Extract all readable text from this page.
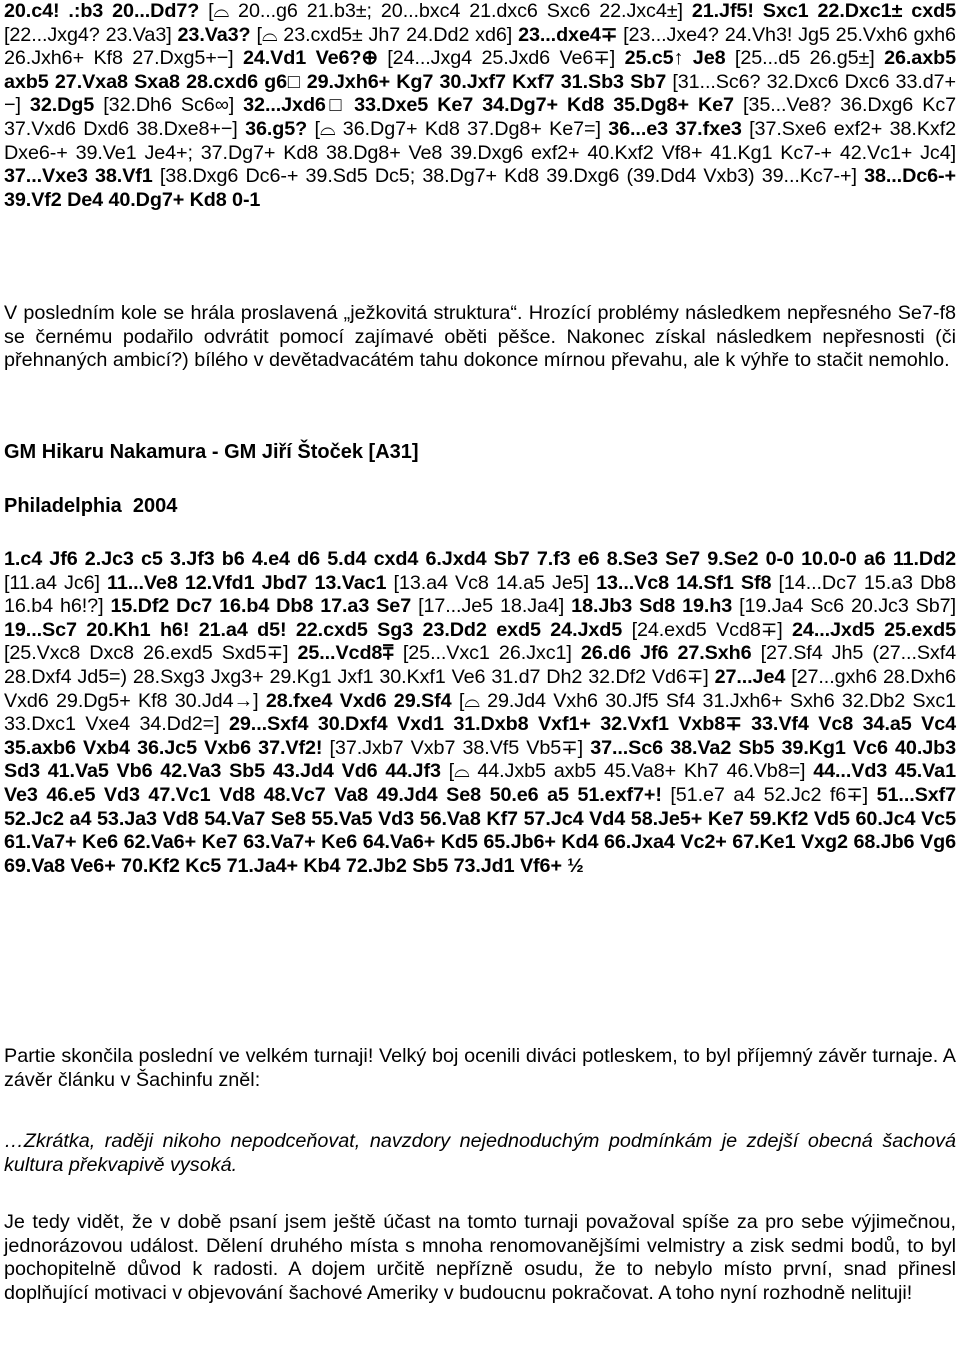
20.c4! .:b3 20...Dd7? [⌓ 20...g6 21.b3±; 20...bxc4 21.dxc6 Sxc6 22.Jxc4±] 21.Jf5! Sxc1 22.Dxc1± cxd5 [22...Jxg4? 23.Va3] 23.Va3? [⌓ 23.cxd5± Jh7 24.Dd2 xd6] 23...dxe4∓ [23...Jxe4? 24.Vh3! Jg5 25.Vxh6 gxh6 26.Jxh6+ Kf8 27.Dxg5+−] 24.Vd1 Ve6?⊕ [24...Jxg4 25.Jxd6 Ve6∓] 25.c5↑ Je8 [25...d5 26.g5±] 26.axb5 axb5 27.Vxa8 Sxa8 28.cxd6 g6□ 29.Jxh6+ Kg7 30.Jxf7 Kxf7 31.Sb3 Sb7 [31...Sc6? 32.Dxc6 Dxc6 33.d7+−] 32.Dg5 [32.Dh6 Sc6∞] 32...Jxd6□ 33.Dxe5 Ke7 34.Dg7+ Kd8 35.Dg8+ Ke7 [35...Ve8? 36.Dxg6 Kc7 37.Vxd6 Dxd6 38.Dxe8+−] 36.g5? [⌓ 36.Dg7+ Kd8 37.Dg8+ Ke7=] 36...e3 37.fxe3 [37.Sxe6 exf2+ 38.Kxf2 Dxe6-+ 39.Ve1 Je4+; 37.Dg7+ Kd8 38.Dg8+ Ve8 39.Dxg6 exf2+ 40.Kxf2 Vf8+ 41.Kg1 Kc7-+ 42.Vc1+ Jc4] 37...Vxe3 38.Vf1 [38.Dxg6 Dc6-+ 39.Sd5 Dc5; 38.Dg7+ Kd8 39.Dxg6 (39.Dd4 Vxb3) 39...Kc7-+] 38...Dc6-+ 39.Vf2 De4 40.Dg7+ Kd8 0-1

V posledním kole se hrála proslavená „ježkovitá struktura“. Hrozící problémy následkem nepřesného Se7-f8 se černému podařilo odvrátit pomocí zajímavé oběti pěšce. Nakonec získal následkem nepřesnosti (či přehnaných ambicí?) bílého v devětadvacátém tahu dokonce mírnou převahu, ale k výhře to stačit nemohlo.

GM Hikaru Nakamura - GM Jiří Štoček [A31]

Philadelphia  2004

1.c4 Jf6 2.Jc3 c5 3.Jf3 b6 4.e4 d6 5.d4 cxd4 6.Jxd4 Sb7 7.f3 e6 8.Se3 Se7 9.Se2 0-0 10.0-0 a6 11.Dd2 [11.a4 Jc6] 11...Ve8 12.Vfd1 Jbd7 13.Vac1 [13.a4 Vc8 14.a5 Je5] 13...Vc8 14.Sf1 Sf8 [14...Dc7 15.a3 Db8 16.b4 h6!?] 15.Df2 Dc7 16.b4 Db8 17.a3 Se7 [17...Je5 18.Ja4] 18.Jb3 Sd8 19.h3 [19.Ja4 Sc6 20.Jc3 Sb7] 19...Sc7 20.Kh1 h6! 21.a4 d5! 22.cxd5 Sg3 23.Dd2 exd5 24.Jxd5 [24.exd5 Vcd8∓] 24...Jxd5 25.exd5 [25.Vxc8 Dxc8 26.exd5 Sxd5∓] 25...Vcd8⩱ [25...Vxc1 26.Jxc1] 26.d6 Jf6 27.Sxh6 [27.Sf4 Jh5 (27...Sxf4 28.Dxf4 Jd5=) 28.Sxg3 Jxg3+ 29.Kg1 Jxf1 30.Kxf1 Ve6 31.d7 Dh2 32.Df2 Vd6∓] 27...Je4 [27...gxh6 28.Dxh6 Vxd6 29.Dg5+ Kf8 30.Jd4→] 28.fxe4 Vxd6 29.Sf4 [⌓ 29.Jd4 Vxh6 30.Jf5 Sf4 31.Jxh6+ Sxh6 32.Db2 Sxc1 33.Dxc1 Vxe4 34.Dd2=] 29...Sxf4 30.Dxf4 Vxd1 31.Dxb8 Vxf1+ 32.Vxf1 Vxb8∓ 33.Vf4 Vc8 34.a5 Vc4 35.axb6 Vxb4 36.Jc5 Vxb6 37.Vf2! [37.Jxb7 Vxb7 38.Vf5 Vb5∓] 37...Sc6 38.Va2 Sb5 39.Kg1 Vc6 40.Jb3 Sd3 41.Va5 Vb6 42.Va3 Sb5 43.Jd4 Vd6 44.Jf3 [⌓ 44.Jxb5 axb5 45.Va8+ Kh7 46.Vb8=] 44...Vd3 45.Va1 Ve3 46.e5 Vd3 47.Vc1 Vd8 48.Vc7 Va8 49.Jd4 Se8 50.e6 a5 51.exf7+! [51.e7 a4 52.Jc2 f6∓] 51...Sxf7 52.Jc2 a4 53.Ja3 Vd8 54.Va7 Se8 55.Va5 Vd3 56.Va8 Kf7 57.Jc4 Vd4 58.Je5+ Ke7 59.Kf2 Vd5 60.Jc4 Vc5 61.Va7+ Ke6 62.Va6+ Ke7 63.Va7+ Ke6 64.Va6+ Kd5 65.Jb6+ Kd4 66.Jxa4 Vc2+ 67.Ke1 Vxg2 68.Jb6 Vg6 69.Va8 Ve6+ 70.Kf2 Kc5 71.Ja4+ Kb4 72.Jb2 Sb5 73.Jd1 Vf6+ ½

Partie skončila poslední ve velkém turnaji! Velký boj ocenili diváci potleskem, to byl příjemný závěr turnaje. A závěr článku v Šachinfu zněl:

…Zkrátka, raději nikoho nepodceňovat, navzdory nejednoduchým podmínkám je zdejší obecná šachová kultura překvapivě vysoká.

Je tedy vidět, že v době psaní jsem ještě účast na tomto turnaji považoval spíše za pro sebe výjimečnou, jednorázovou událost. Dělení druhého místa s mnoha renomovanějšími velmistry a zisk sedmi bodů, to byl pochopitelně důvod k radosti. A dojem určitě nepřízně osudu, že to nebylo místo první, snad přinesl doplňující motivaci v objevování šachové Ameriky v budoucnu pokračovat. A toho nyní rozhodně nelituji!
